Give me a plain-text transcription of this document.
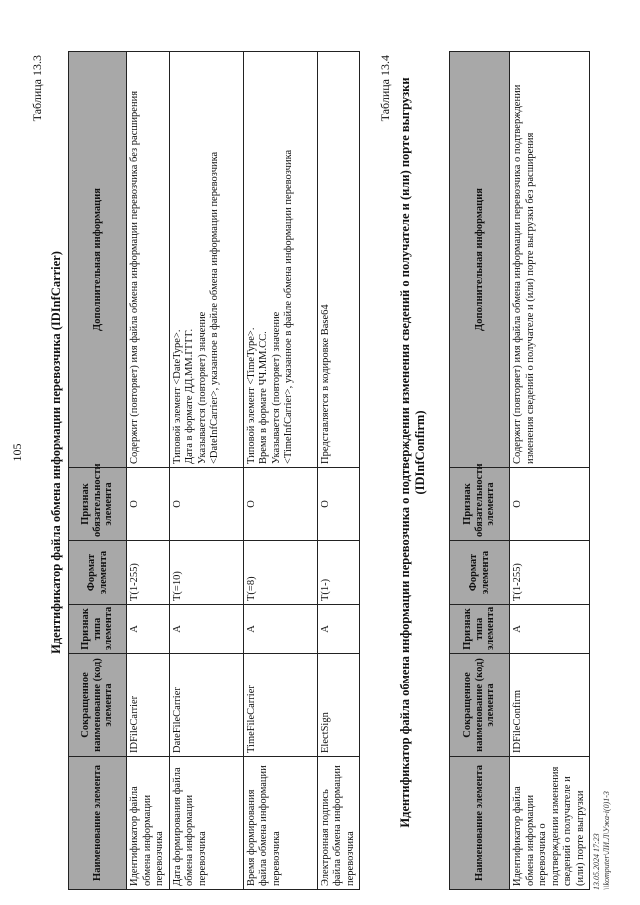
105
Таблица 13.3
Идентификатор файла обмена информации перевозчика (IDInfCarrier)
Наименование элемента	Сокращенное наименование (код) элемента	Признак типа элемента	Формат элемента	Признак обязательности элемента	Дополнительная информация
Идентификатор файла обмена информации перевозчика	IDFileCarrier	А	T(1-255)	О	Содержит (повторяет) имя файла обмена информации перевозчика без расширения
Дата формирования файла обмена информации перевозчика	DateFileCarrier	А	T(=10)	О	Типовой элемент <DateType>. Дата в формате ДД.ММ.ГГГГ. Указывается (повторяет) значение <DateInfCarrier>, указанное в файле обмена информации перевозчика

Время формирования файла обмена информации перевозчика	TimeFileCarrier	А	T(=8)	О	Типовой элемент <TimeType>. Время в формате ЧЧ.ММ.СС. Указывается (повторяет) значение <TimeInfCarrier>, указанное в файле обмена информации перевозчика

Электронная подпись файла обмена информации перевозчика	ElectSign	А	T(1-)	О	Представляется в кодировке Base64
Таблица 13.4 Идентификатор файла обмена информации перевозчика о подтверждении изменения сведений о получателе и (или) порте выгрузки (IDInfConfirm)
Наименование элемента	Сокращенное наименование (код) элемента	Признак типа элемента	Формат элемента	Признак обязательности элемента	Дополнительная информация
Идентификатор файла обмена информации перевозчика о подтверждении изменения сведений о получателе и (или) порте выгрузки	IDFileConfirm	А	T(1-255)	О	Содержит (повторяет) имя файла обмена информации перевозчика о подтверждении изменения сведений о получателе и (или) порте выгрузки без расширения
13.05.2024 17:23 \\komputer\ЛИ.Л\Ужа-i(0)1-3
